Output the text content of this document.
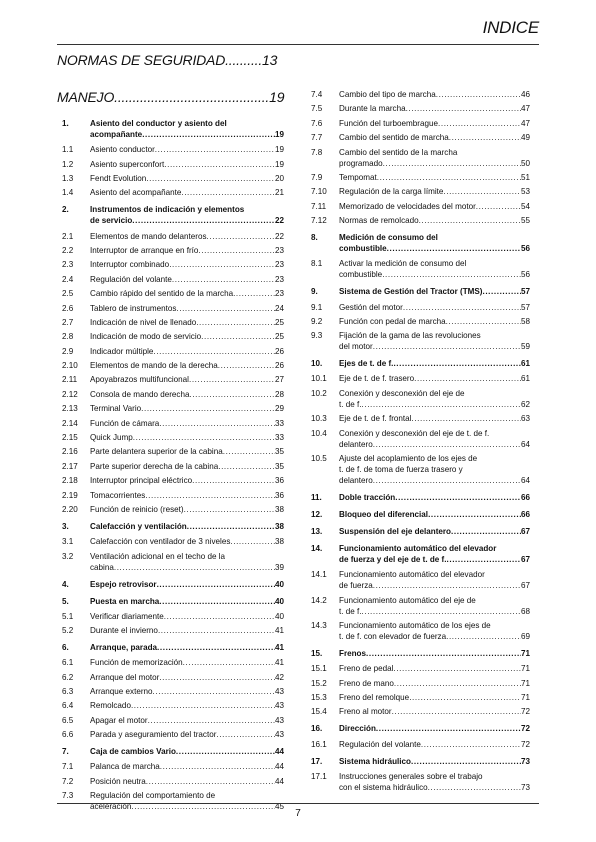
INDICE
NORMAS DE SEGURIDAD..........13
MANEJO..........................................19
1.	Asiento del conductor y asiento del
acompañante .....	19
1.1 Asiento conductor .....	19
1.2 Asiento superconfort .....	19
1.3 Fendt Evolution .....	20
1.4 Asiento del acompañante .....	21
2.	Instrumentos de indicación y elementos
de servicio .....	22
2.1 Elementos de mando delanteros .....	22
2.2 Interruptor de arranque en frío .....	23
2.3 Interruptor combinado .....	23
2.4 Regulación del volante .....	23
2.5 Cambio rápido del sentido de la marcha .....	23
2.6 Tablero de instrumentos .....	24
2.7 Indicación de nivel de llenado .....	25
2.8 Indicación de modo de servicio .....	25
2.9 Indicador múltiple .....	26
2.10 Elementos de mando de la derecha .....	26
2.11 Apoyabrazos multifuncional .....	27
2.12 Consola de mando derecha .....	28
2.13 Terminal Vario .....	29
2.14 Función de cámara .....	33
2.15 Quick Jump .....	33
2.16 Parte delantera superior de la cabina .....	35
2.17 Parte superior derecha de la cabina .....	35
2.18 Interruptor principal eléctrico .....	36
2.19 Tomacorrientes .....	36
2.20 Función de reinicio (reset) .....	38
3.	Calefacción y ventilación .....	38
3.1 Calefacción con ventilador de 3 niveles .....	38
3.2 Ventilación adicional en el techo de la
cabina .....	39
4.	Espejo retrovisor .....	40
5.	Puesta en marcha .....	40
5.1 Verificar diariamente .....	40
5.2 Durante el invierno .....	41
6.	Arranque, parada .....	41
6.1 Función de memorización .....	41
6.2 Arranque del motor .....	42
6.3 Arranque externo .....	43
6.4 Remolcado .....	43
6.5 Apagar el motor .....	43
6.6 Parada y aseguramiento del tractor .....	43
7.	Caja de cambios Vario .....	44
7.1 Palanca de marcha .....	44
7.2 Posición neutra .....	44
7.3 Regulación del comportamiento de
aceleración .....	45
7.4 Cambio del tipo de marcha .....	46
7.5 Durante la marcha .....	47
7.6 Función del turboembrague .....	47
7.7 Cambio del sentido de marcha .....	49
7.8 Cambio del sentido de la marcha
programado .....	50
7.9 Tempomat .....	51
7.10 Regulación de la carga límite .....	53
7.11 Memorizado de velocidades del motor .....	54
7.12 Normas de remolcado .....	55
8.	Medición de consumo del
combustible .....	56
8.1 Activar la medición de consumo del
combustible .....	56
9.	Sistema de Gestión del Tractor (TMS) .....	57
9.1 Gestión del motor .....	57
9.2 Función con pedal de marcha .....	58
9.3 Fijación de la gama de las revoluciones
del motor .....	59
10. Ejes de t. de f. .....	61
10.1 Eje de t. de f. trasero .....	61
10.2 Conexión y desconexión del eje de
t. de f. .....	62
10.3 Eje de t. de f. frontal .....	63
10.4 Conexión y desconexión del eje de t. de f.
delantero .....	64
10.5 Ajuste del acoplamiento de los ejes de
t. de f. de toma de fuerza trasero y
delantero .....	64
11. Doble tracción .....	66
12. Bloqueo del diferencial .....	66
13. Suspensión del eje delantero .....	67
14. Funcionamiento automático del elevador
de fuerza y del eje de t. de f. .....	67
14.1 Funcionamiento automático del elevador
de fuerza .....	67
14.2 Funcionamiento automático del eje de
t. de f. .....	68
14.3 Funcionamiento automático de los ejes de
t. de f. con elevador de fuerza .....	69
15. Frenos .....	71
15.1 Freno de pedal .....	71
15.2 Freno de mano .....	71
15.3 Freno del remolque .....	71
15.4 Freno al motor .....	72
16. Dirección .....	72
16.1 Regulación del volante .....	72
17. Sistema hidráulico .....	73
17.1 Instrucciones generales sobre el trabajo
con el sistema hidráulico .....	73
7
